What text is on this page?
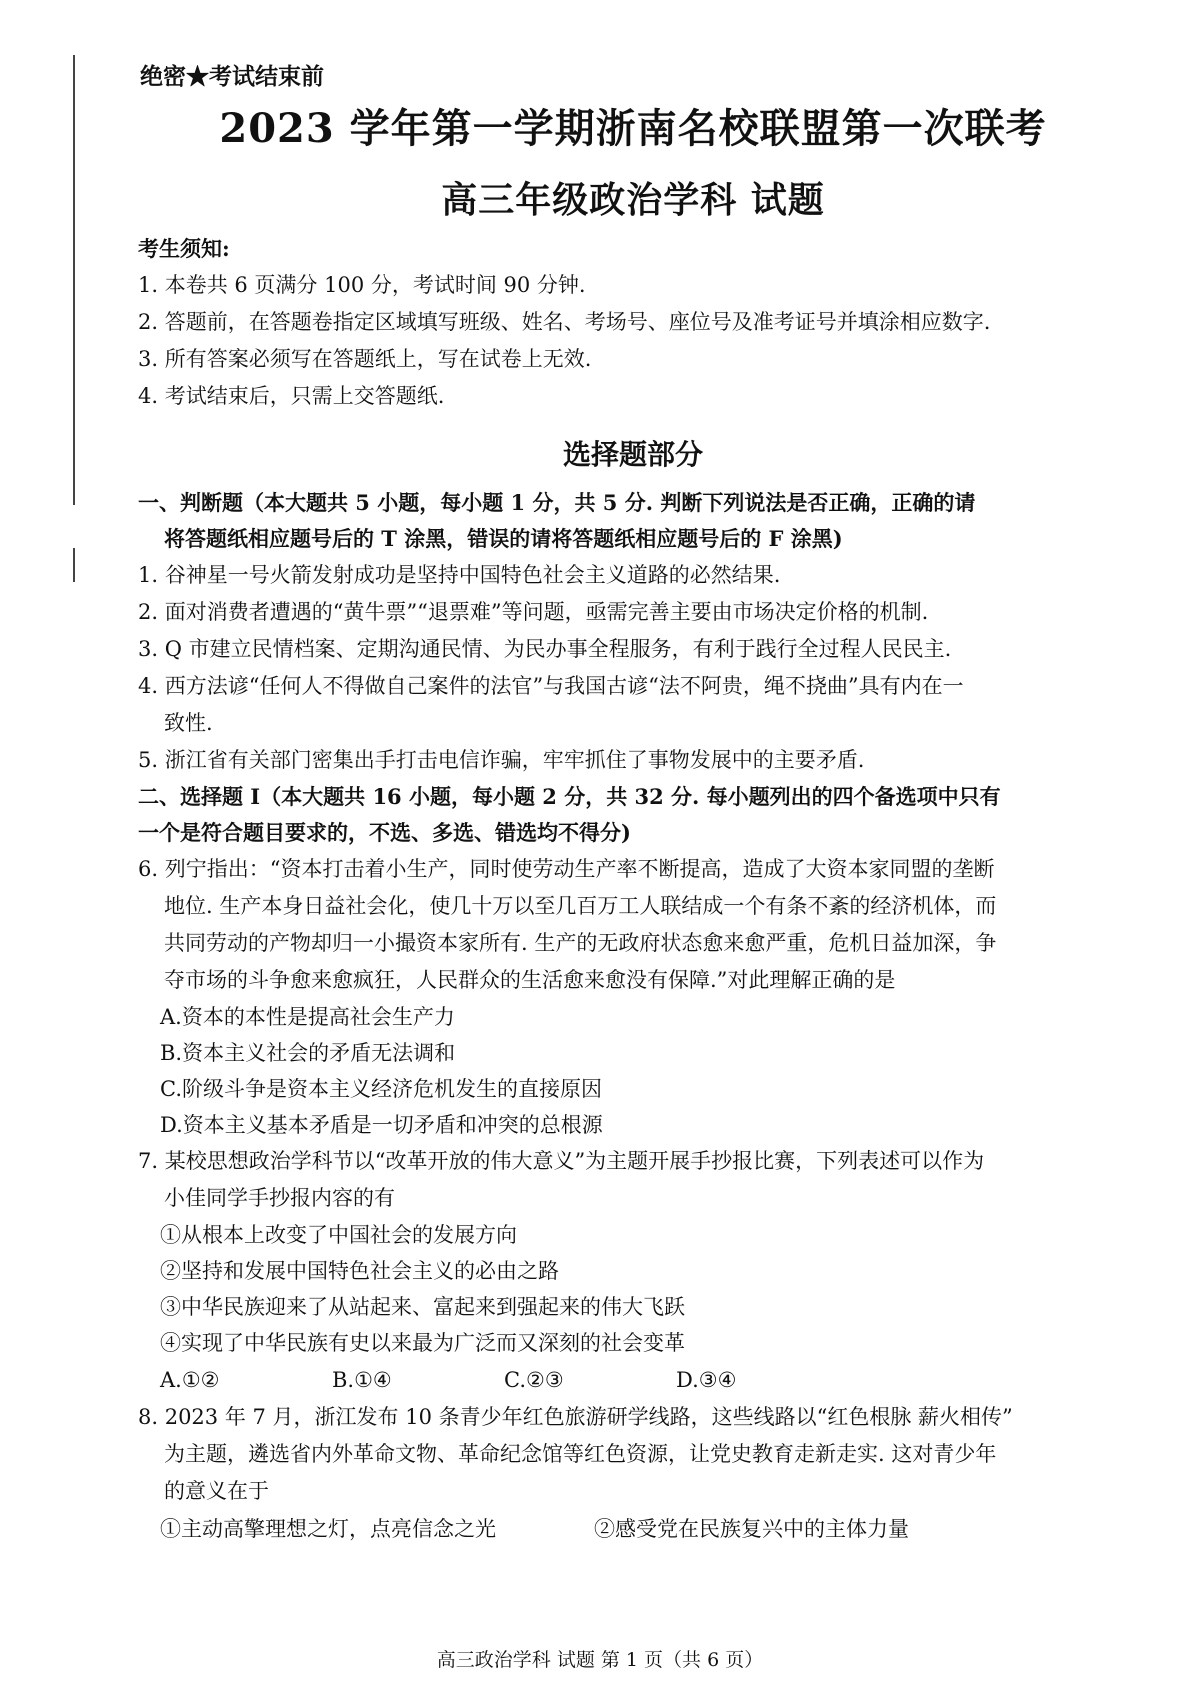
绝密★考试结束前

2023 学年第一学期浙南名校联盟第一次联考
高三年级政治学科 试题

考生须知:

1. 本卷共 6 页满分 100 分，考试时间 90 分钟.

2. 答题前，在答题卷指定区域填写班级、姓名、考场号、座位号及准考证号并填涂相应数字.

3. 所有答案必须写在答题纸上，写在试卷上无效.

4. 考试结束后，只需上交答题纸.

选择题部分

一、判断题（本大题共 5 小题，每小题 1 分，共 5 分. 判断下列说法是否正确，正确的请

将答题纸相应题号后的 T 涂黑，错误的请将答题纸相应题号后的 F 涂黑)

1. 谷神星一号火箭发射成功是坚持中国特色社会主义道路的必然结果.

2. 面对消费者遭遇的“黄牛票”“退票难”等问题，亟需完善主要由市场决定价格的机制.

3. Q 市建立民情档案、定期沟通民情、为民办事全程服务，有利于践行全过程人民民主.

4. 西方法谚“任何人不得做自己案件的法官”与我国古谚“法不阿贵，绳不挠曲”具有内在一

致性.

5. 浙江省有关部门密集出手打击电信诈骗，牢牢抓住了事物发展中的主要矛盾.

二、选择题 I（本大题共 16 小题，每小题 2 分，共 32 分. 每小题列出的四个备选项中只有

一个是符合题目要求的，不选、多选、错选均不得分)

6. 列宁指出：“资本打击着小生产，同时使劳动生产率不断提高，造成了大资本家同盟的垄断

地位. 生产本身日益社会化，使几十万以至几百万工人联结成一个有条不紊的经济机体，而

共同劳动的产物却归一小撮资本家所有. 生产的无政府状态愈来愈严重，危机日益加深，争

夺市场的斗争愈来愈疯狂，人民群众的生活愈来愈没有保障.”对此理解正确的是

A.资本的本性是提高社会生产力

B.资本主义社会的矛盾无法调和

C.阶级斗争是资本主义经济危机发生的直接原因

D.资本主义基本矛盾是一切矛盾和冲突的总根源

7. 某校思想政治学科节以“改革开放的伟大意义”为主题开展手抄报比赛，下列表述可以作为

小佳同学手抄报内容的有

①从根本上改变了中国社会的发展方向

②坚持和发展中国特色社会主义的必由之路

③中华民族迎来了从站起来、富起来到强起来的伟大飞跃

④实现了中华民族有史以来最为广泛而又深刻的社会变革

A.①②	B.①④	C.②③	D.③④

8. 2023 年 7 月，浙江发布 10 条青少年红色旅游研学线路，这些线路以“红色根脉 薪火相传”

为主题，遴选省内外革命文物、革命纪念馆等红色资源，让党史教育走新走实. 这对青少年

的意义在于

①主动高擎理想之灯，点亮信念之光	②感受党在民族复兴中的主体力量
高三政治学科 试题 第 1 页（共 6 页）
